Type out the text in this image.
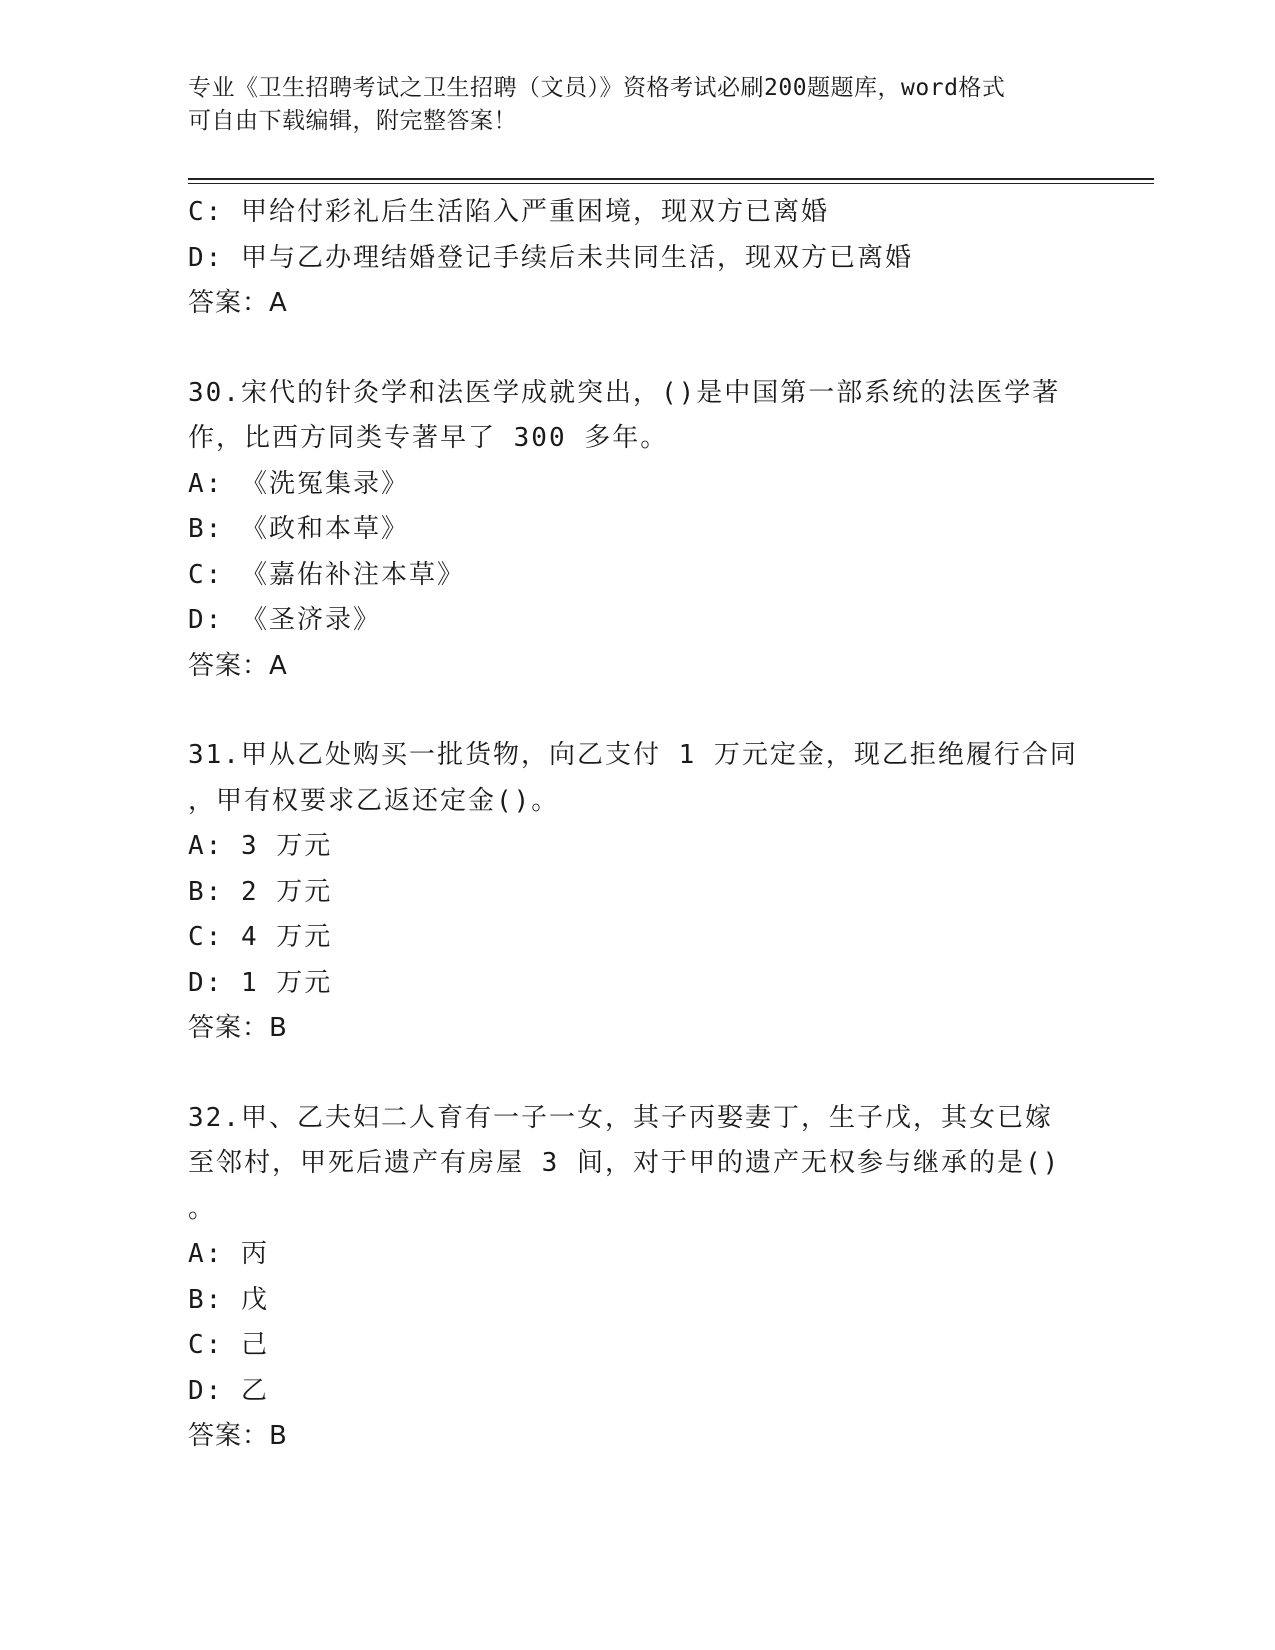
专业《卫生招聘考试之卫生招聘（文员）》资格考试必刷200题题库，word格式
可自由下载编辑，附完整答案！
C: 甲给付彩礼后生活陷入严重困境，现双方已离婚
D: 甲与乙办理结婚登记手续后未共同生活，现双方已离婚
答案：A
30.宋代的针灸学和法医学成就突出，()是中国第一部系统的法医学著
作，比西方同类专著早了 300 多年。
A: 《洗冤集录》
B: 《政和本草》
C: 《嘉佑补注本草》
D: 《圣济录》
答案：A
31.甲从乙处购买一批货物，向乙支付 1 万元定金，现乙拒绝履行合同
，甲有权要求乙返还定金()。
A: 3 万元
B: 2 万元
C: 4 万元
D: 1 万元
答案：B
32.甲、乙夫妇二人育有一子一女，其子丙娶妻丁，生子戊，其女已嫁
至邻村，甲死后遗产有房屋 3 间，对于甲的遗产无权参与继承的是()
。
A: 丙
B: 戊
C: 己
D: 乙
答案：B
